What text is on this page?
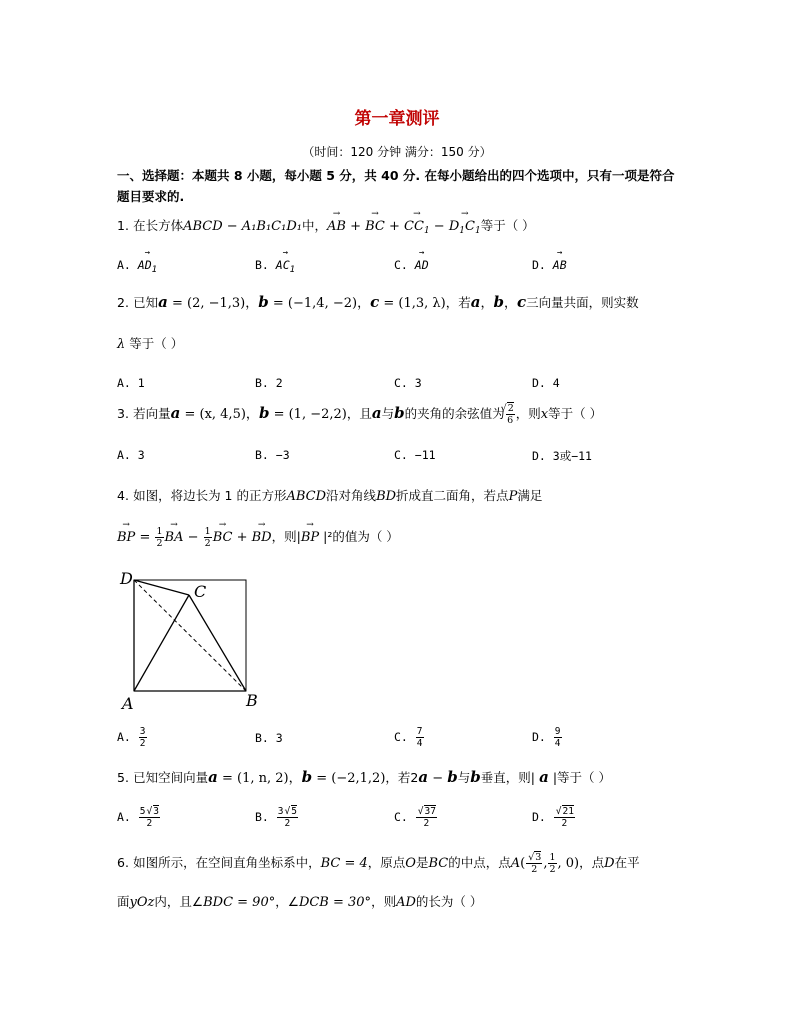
第一章测评
（时间：120 分钟 满分：150 分）
一、选择题：本题共 8 小题，每小题 5 分，共 40 分. 在每小题给出的四个选项中，只有一项是符合题目要求的.
1. 在长方体ABCD − A₁B₁C₁D₁中，→ AB + → BC + → $CC_1$ − → $D_1C_1$等于（ ）
A. → $AD_1$	B. → $AC_1$	C. → AD	D. → AB
2. 已知a = (2, −1,3)，b = (−1,4, −2)，c = (1,3, λ)，若a，b，c三向量共面，则实数
λ 等于（ ）
A. 1	B. 2	C. 3	D. 4
3. 若向量a = (x, 4,5)，b = (1, −2,2)，且a与b的夹角的余弦值为 √ $\frac{2}{6}$ ，则x等于（ ）
A. 3	B. −3	C. −11	D. 3或−11
4. 如图，将边长为 1 的正方形ABCD沿对角线BD折成直二面角，若点P满足
→ BP = $\frac{1}{2}$ → BA − $\frac{1}{2}$ → BC + → BD，则|→ BP |²的值为（ ）
D
C
A	B
A. $\frac{3}{2}$	B. 3	C. $\frac{7}{4}$	D. $\frac{9}{4}$
5. 已知空间向量a = (1, n, 2)，b = (−2,1,2)，若2a − b与b垂直，则| a |等于（ ）
A. $\frac{5 √ 3}{2}$	B. $\frac{3 √ 5}{2}$	C. √ $\frac{37}{2}$	D. √ $\frac{21}{2}$
6. 如图所示，在空间直角坐标系中，BC = 4，原点O是BC的中点，点A( √ $\frac{3}{2}$ , $\frac{1}{2}$ , 0)，点D在平
面yOz内，且∠BDC = 90°，∠DCB = 30°，则AD的长为（ ）
